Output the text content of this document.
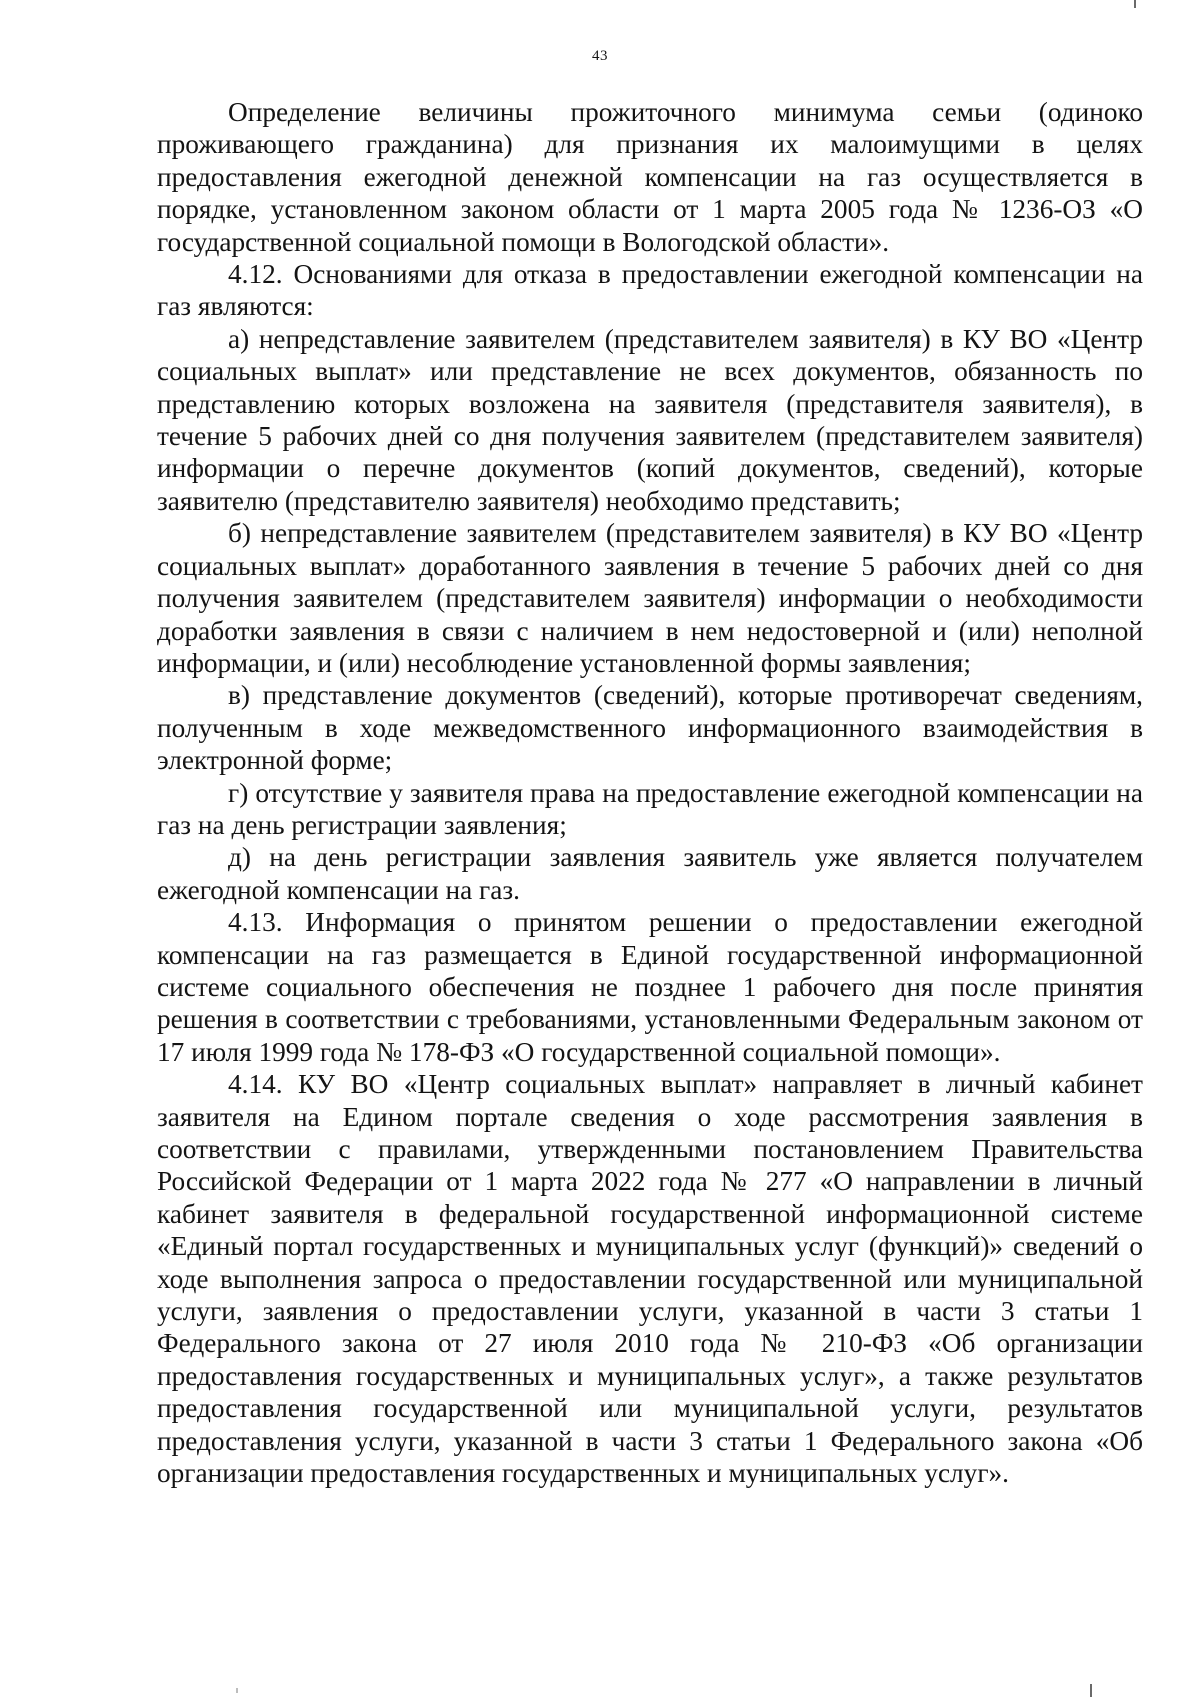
43

Определение величины прожиточного минимума семьи (одиноко проживающего гражданина) для признания их малоимущими в целях предоставления ежегодной денежной компенсации на газ осуществляется в порядке, установленном законом области от 1 марта 2005 года № 1236-ОЗ «О государственной социальной помощи в Вологодской области».

4.12. Основаниями для отказа в предоставлении ежегодной компенсации на газ являются:

а) непредставление заявителем (представителем заявителя) в КУ ВО «Центр социальных выплат» или представление не всех документов, обязанность по представлению которых возложена на заявителя (представителя заявителя), в течение 5 рабочих дней со дня получения заявителем (представителем заявителя) информации о перечне документов (копий документов, сведений), которые заявителю (представителю заявителя) необходимо представить;

б) непредставление заявителем (представителем заявителя) в КУ ВО «Центр социальных выплат» доработанного заявления в течение 5 рабочих дней со дня получения заявителем (представителем заявителя) информации о необходимости доработки заявления в связи с наличием в нем недостоверной и (или) неполной информации, и (или) несоблюдение установленной формы заявления;

в) представление документов (сведений), которые противоречат сведениям, полученным в ходе межведомственного информационного взаимодействия в электронной форме;

г) отсутствие у заявителя права на предоставление ежегодной компенсации на газ на день регистрации заявления;

д) на день регистрации заявления заявитель уже является получателем ежегодной компенсации на газ.

4.13. Информация о принятом решении о предоставлении ежегодной компенсации на газ размещается в Единой государственной информационной системе социального обеспечения не позднее 1 рабочего дня после принятия решения в соответствии с требованиями, установленными Федеральным законом от 17 июля 1999 года № 178-ФЗ «О государственной социальной помощи».

4.14. КУ ВО «Центр социальных выплат» направляет в личный кабинет заявителя на Едином портале сведения о ходе рассмотрения заявления в соответствии с правилами, утвержденными постановлением Правительства Российской Федерации от 1 марта 2022 года № 277 «О направлении в личный кабинет заявителя в федеральной государственной информационной системе «Единый портал государственных и муниципальных услуг (функций)» сведений о ходе выполнения запроса о предоставлении государственной или муниципальной услуги, заявления о предоставлении услуги, указанной в части 3 статьи 1 Федерального закона от 27 июля 2010 года № 210-ФЗ «Об организации предоставления государственных и муниципальных услуг», а также результатов предоставления государственной или муниципальной услуги, результатов предоставления услуги, указанной в части 3 статьи 1 Федерального закона «Об организации предоставления государственных и муниципальных услуг».
